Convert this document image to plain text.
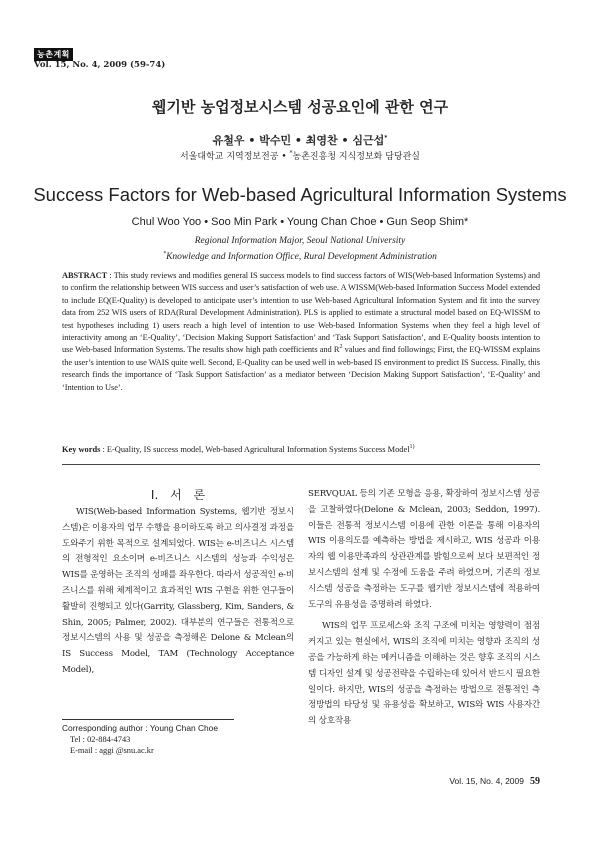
농촌계획
Vol. 15, No. 4, 2009 (59-74)
웹기반 농업정보시스템 성공요인에 관한 연구
유철우 • 박수민 • 최영찬 • 심근섭*
서울대학교 지역정보전공 • *농촌진흥청 지식정보화 담당관실
Success Factors for Web-based Agricultural Information Systems
Chul Woo Yoo • Soo Min Park • Young Chan Choe • Gun Seop Shim*
Regional Information Major, Seoul National University
*Knowledge and Information Office, Rural Development Administration
ABSTRACT : This study reviews and modifies general IS success models to find success factors of WIS(Web-based Information Systems) and to confirm the relationship between WIS success and user’s satisfaction of web use. A WISSM(Web-based Information Success Model extended to include EQ(E-Quality) is developed to anticipate user’s intention to use Web-based Agricultural Information System and fit into the survey data from 252 WIS users of RDA(Rural Development Administration). PLS is applied to estimate a structural model based on EQ-WISSM to test hypotheses including 1) users reach a high level of intention to use Web-based Information Systems when they feel a high level of interactivity among an ‘E-Quality’, ‘Decision Making Support Satisfaction’ and ‘Task Support Satisfaction’, and E-Quality boosts intention to use Web-based Information Systems. The results show high path coefficients and $R^2$ values and find followings; First, the EQ-WISSM explains the user’s intention to use WAIS quite well. Second, E-Quality can be used well in web-based IS environment to predict IS Success. Finally, this research finds the importance of ‘Task Support Satisfaction’ as a mediator between ‘Decision Making Support Satisfaction’, ‘E-Quality’ and ‘Intention to Use’.
Key words : E-Quality, IS success model, Web-based Agricultural Information Systems Success Model$^{1)}$
I. 서 론

WIS(Web-based Information Systems, 웹기반 정보시스템)은 이용자의 업무 수행을 용이하도록 하고 의사결정 과정을 도와주기 위한 목적으로 설계되었다. WIS는 e-비즈니스 시스템의 전형적인 요소이며 e-비즈니스 시스템의 성능과 수익성은 WIS를 운영하는 조직의 성패를 좌우한다. 따라서 성공적인 e-비즈니스를 위해 체계적이고 효과적인 WIS 구현을 위한 연구들이 활발히 진행되고 있다(Garrity, Glassberg, Kim, Sanders, & Shin, 2005; Palmer, 2002). 대부분의 연구들은 전통적으로 정보시스템의 사용 및 성공을 측정해온 Delone & Mclean의 IS Success Model, TAM (Technology Acceptance Model),

SERVQUAL 등의 기존 모형을 응용, 확장하여 정보시스템 성공을 고찰하였다(Delone & Mclean, 2003; Seddon, 1997). 이들은 전통적 정보시스템 이용에 관한 이론을 통해 이용자의 WIS 이용의도를 예측하는 방법을 제시하고, WIS 성공과 이용자의 웹 이용만족과의 상관관계를 밝힘으로써 보다 보편적인 정보시스템의 설계 및 수정에 도움을 주려 하였으며, 기존의 정보시스템 성공을 측정하는 도구를 웹기반 정보시스템에 적용하여 도구의 유용성을 증명하려 하였다.

WIS의 업무 프로세스와 조직 구조에 미치는 영향력이 점점 커지고 있는 현실에서, WIS의 조직에 미치는 영향과 조직의 성공을 가능하게 하는 메커니즘을 이해하는 것은 향후 조직의 시스템 디자인 설계 및 성공전략을 수립하는데 있어서 반드시 필요한 일이다. 하지만, WIS의 성공을 측정하는 방법으로 전통적인 측정방법의 타당성 및 유용성을 확보하고, WIS와 WIS 사용자간의 상호작용

Corresponding author : Young Chan Choe
Tel : 02-884-4743
E-mail : aggi @snu.ac.kr
Vol. 15, No. 4, 2009 59
